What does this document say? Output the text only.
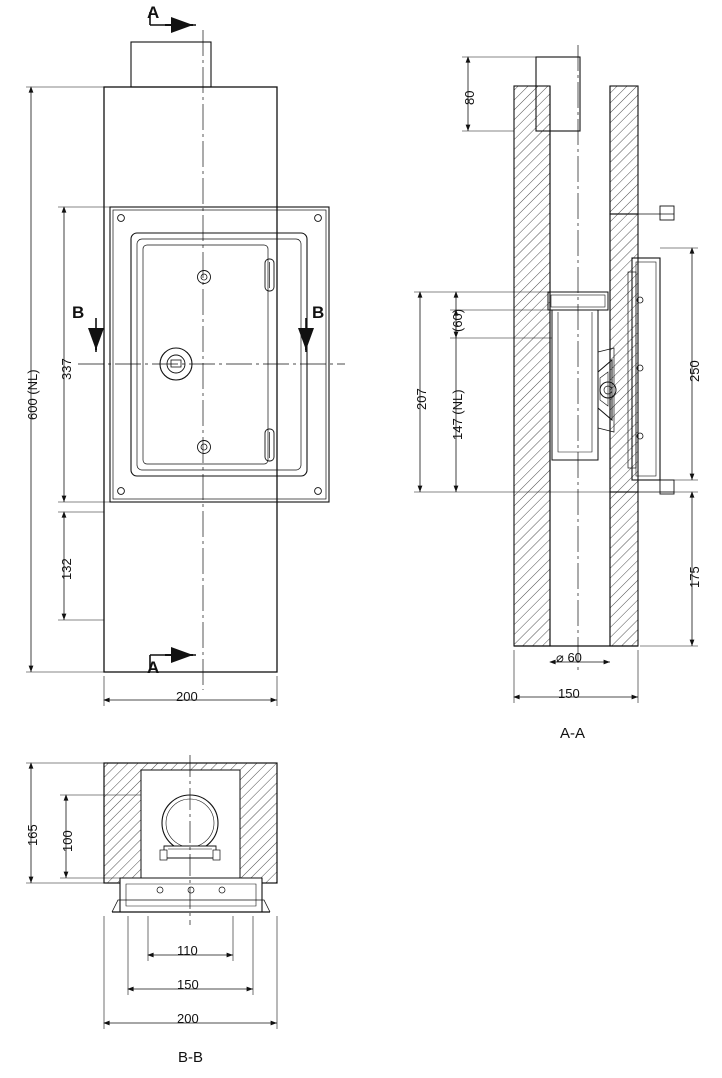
A
A
B	B
600 (NL)
337
132
200
80
(60)
207 147 (NL)
250
175
⌀ 60
150
A-A
165 100
110
150
200
B-B
